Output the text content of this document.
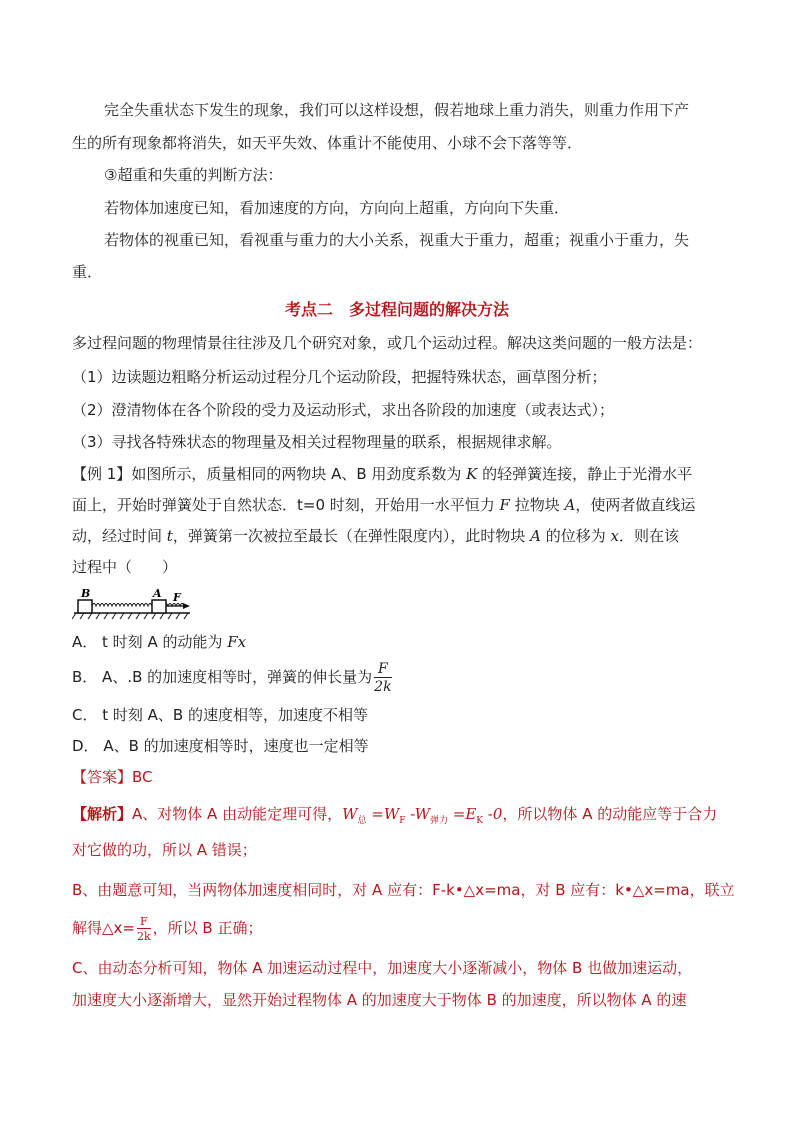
完全失重状态下发生的现象，我们可以这样设想，假若地球上重力消失，则重力作用下产
生的所有现象都将消失，如天平失效、体重计不能使用、小球不会下落等等．
③超重和失重的判断方法：
若物体加速度已知，看加速度的方向，方向向上超重，方向向下失重．
若物体的视重已知，看视重与重力的大小关系，视重大于重力，超重；视重小于重力，失
重．
考点二　多过程问题的解决方法
多过程问题的物理情景往往涉及几个研究对象，或几个运动过程。解决这类问题的一般方法是：
（1）边读题边粗略分析运动过程分几个运动阶段，把握特殊状态，画草图分析；
（2）澄清物体在各个阶段的受力及运动形式，求出各阶段的加速度（或表达式）；
（3）寻找各特殊状态的物理量及相关过程物理量的联系，根据规律求解。
【例 1】如图所示，质量相同的两物块 A、B 用劲度系数为 K 的轻弹簧连接，静止于光滑水平
面上，开始时弹簧处于自然状态．t=0 时刻，开始用一水平恒力 F 拉物块 A，使两者做直线运
动，经过时间 t，弹簧第一次被拉至最长（在弹性限度内），此时物块 A 的位移为 x．则在该
过程中（　　）
B	A F
A． t 时刻 A 的动能为 Fx
B． A、.B 的加速度相等时，弹簧的伸长量为 $\frac{F}{2k}$
C． t 时刻 A、B 的速度相等，加速度不相等
D． A、B 的加速度相等时，速度也一定相等
【答案】BC
【解析】A、对物体 A 由动能定理可得，$W_总 =W_F$ $-W_{弹力} =E_K$ -0，所以物体 A 的动能应等于合力
对它做的功，所以 A 错误；
B、由题意可知，当两物体加速度相同时，对 A 应有：F-k•△x=ma，对 B 应有：k•△x=ma，联立
解得△x= $\frac{F}{2k}$ ，所以 B 正确；
C、由动态分析可知，物体 A 加速运动过程中，加速度大小逐渐减小，物体 B 也做加速运动，
加速度大小逐渐增大，显然开始过程物体 A 的加速度大于物体 B 的加速度，所以物体 A 的速
